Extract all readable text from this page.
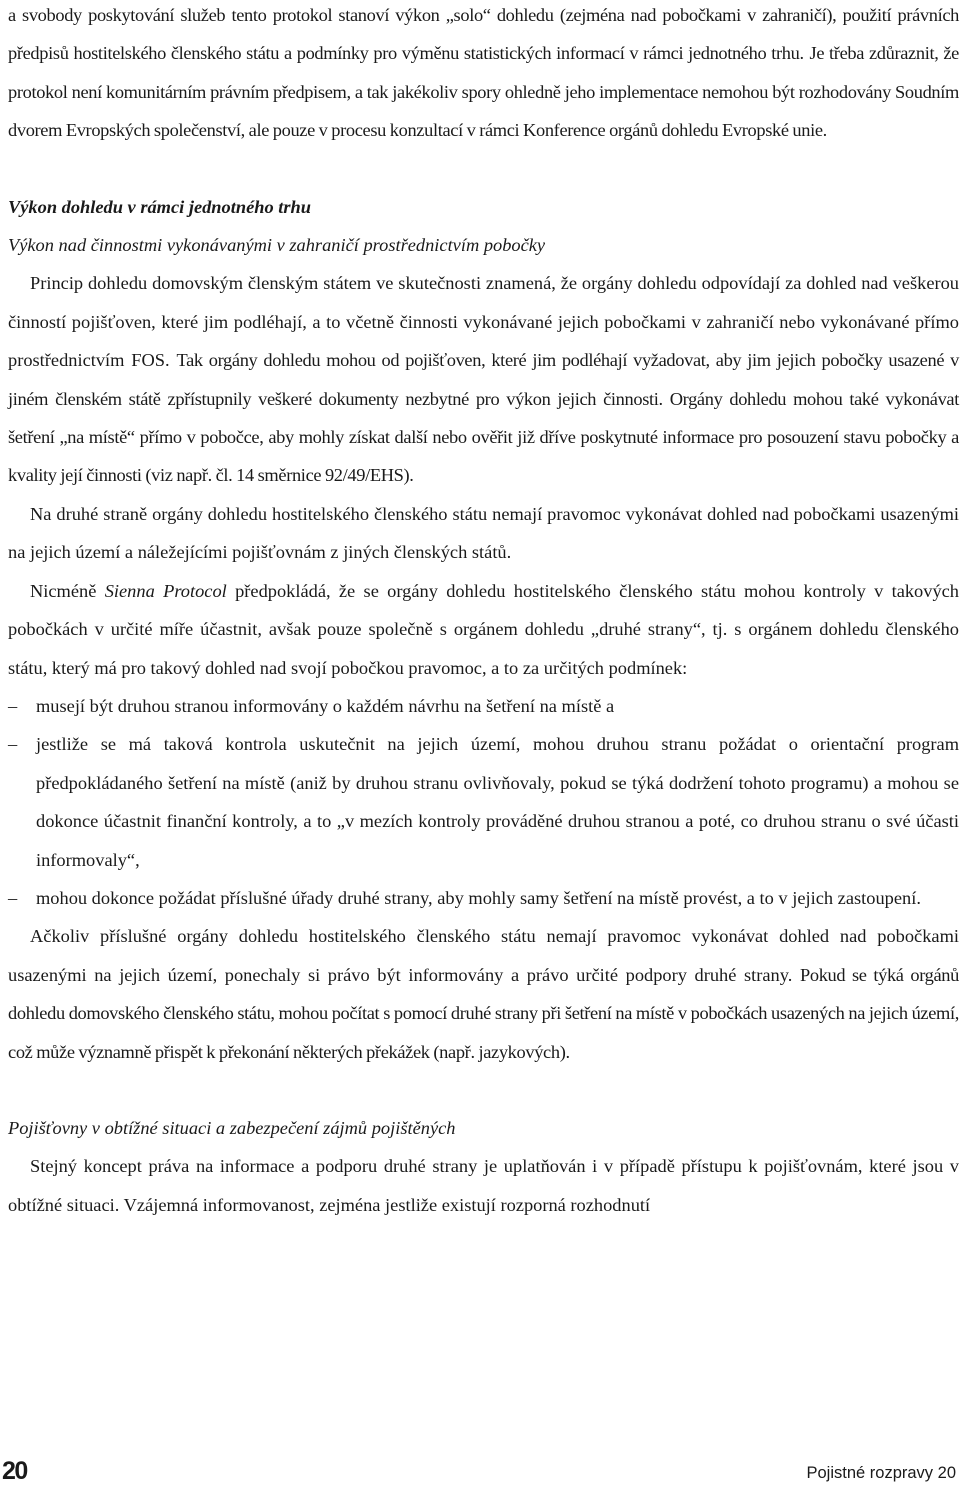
a svobody poskytování služeb tento protokol stanoví výkon „solo“ dohledu (zejména nad pobočkami v zahraničí), použití právních předpisů hostitelského členského státu a podmínky pro výměnu statistických informací v rámci jednotného trhu. Je třeba zdůraznit, že protokol není komunitárním právním předpisem, a tak jakékoliv spory ohledně jeho implementace nemohou být rozhodovány Soudním dvorem Evropských společenství, ale pouze v procesu konzultací v rámci Konference orgánů dohledu Evropské unie.

Výkon dohledu v rámci jednotného trhu

Výkon nad činnostmi vykonávanými v zahraničí prostřednictvím pobočky

Princip dohledu domovským členským státem ve skutečnosti znamená, že orgány dohledu odpovídají za dohled nad veškerou činností pojišťoven, které jim podléhají, a to včetně činnosti vykonávané jejich pobočkami v zahraničí nebo vykonávané přímo prostřednictvím FOS. Tak orgány dohledu mohou od pojišťoven, které jim podléhají vyžadovat, aby jim jejich pobočky usazené v jiném členském státě zpřístupnily veškeré dokumenty nezbytné pro výkon jejich činnosti. Orgány dohledu mohou také vykonávat šetření „na místě“ přímo v pobočce, aby mohly získat další nebo ověřit již dříve poskytnuté informace pro posouzení stavu pobočky a kvality její činnosti (viz např. čl. 14 směrnice 92/49/EHS).

Na druhé straně orgány dohledu hostitelského členského státu nemají pravomoc vykonávat dohled nad pobočkami usazenými na jejich území a náležejícími pojišťovnám z jiných členských států.

Nicméně Sienna Protocol předpokládá, že se orgány dohledu hostitelského členského státu mohou kontroly v takových pobočkách v určité míře účastnit, avšak pouze společně s orgánem dohledu „druhé strany“, tj. s orgánem dohledu členského státu, který má pro takový dohled nad svojí pobočkou pravomoc, a to za určitých podmínek:

– musejí být druhou stranou informovány o každém návrhu na šetření na místě a
– jestliže se má taková kontrola uskutečnit na jejich území, mohou druhou stranu požádat o orientační program předpokládaného šetření na místě (aniž by druhou stranu ovlivňovaly, pokud se týká dodržení tohoto programu) a mohou se dokonce účastnit finanční kontroly, a to „v mezích kontroly prováděné druhou stranou a poté, co druhou stranu o své účasti informovaly“,
– mohou dokonce požádat příslušné úřady druhé strany, aby mohly samy šetření na místě provést, a to v jejich zastoupení.

Ačkoliv příslušné orgány dohledu hostitelského členského státu nemají pravomoc vykonávat dohled nad pobočkami usazenými na jejich území, ponechaly si právo být informovány a právo určité podpory druhé strany. Pokud se týká orgánů dohledu domovského členského státu, mohou počítat s pomocí druhé strany při šetření na místě v pobočkách usazených na jejich území, což může významně přispět k překonání některých překážek (např. jazykových).

Pojišťovny v obtížné situaci a zabezpečení zájmů pojištěných

Stejný koncept práva na informace a podporu druhé strany je uplatňován i v případě přístupu k pojišťovnám, které jsou v obtížné situaci. Vzájemná informovanost, zejména jestliže existují rozporná rozhodnutí

20	Pojistné rozpravy 20
